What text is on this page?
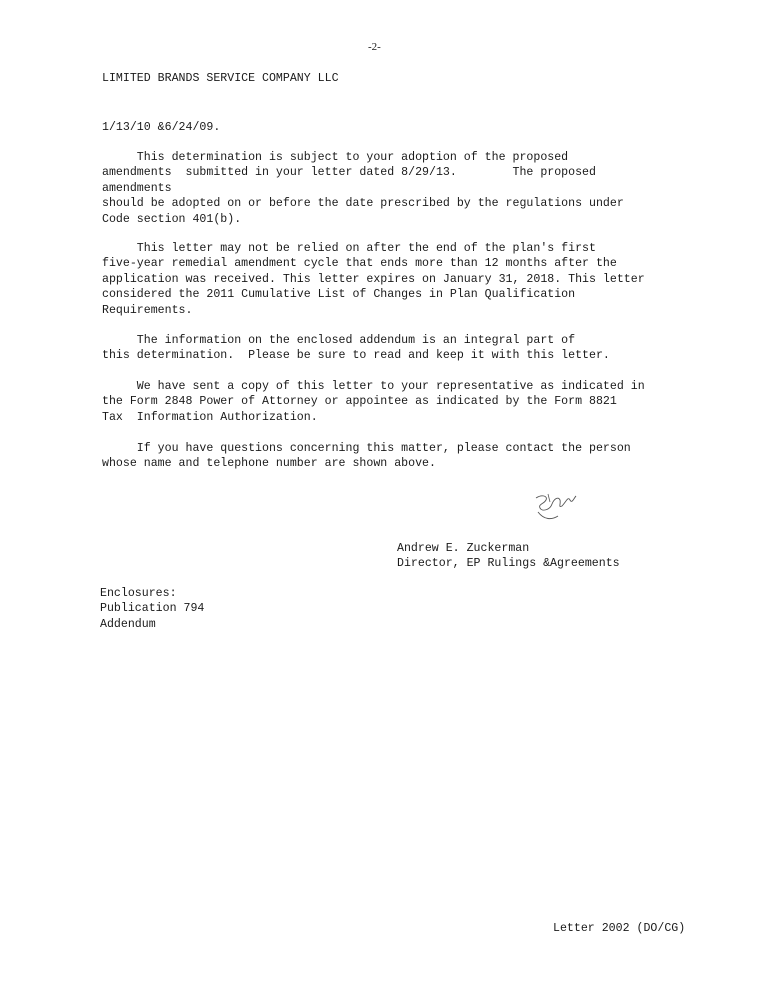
-2-
LIMITED BRANDS SERVICE COMPANY LLC
1/13/10 &6/24/09.

This determination is subject to your adoption of the proposed

amendments  submitted in your letter dated 8/29/13.        The proposed

amendments

should be adopted on or before the date prescribed by the regulations under

Code section 401(b).

This letter may not be relied on after the end of the plan's first

five-year remedial amendment cycle that ends more than 12 months after the

application was received. This letter expires on January 31, 2018. This letter

considered the 2011 Cumulative List of Changes in Plan Qualification

Requirements.

The information on the enclosed addendum is an integral part of

this determination.  Please be sure to read and keep it with this letter.

We have sent a copy of this letter to your representative as indicated in

the Form 2848 Power of Attorney or appointee as indicated by the Form 8821

Tax  Information Authorization.

If you have questions concerning this matter, please contact the person

whose name and telephone number are shown above.

Andrew E. Zuckerman
Director, EP Rulings &Agreements
Enclosures:
Publication 794
Addendum
Letter 2002 (DO/CG)
